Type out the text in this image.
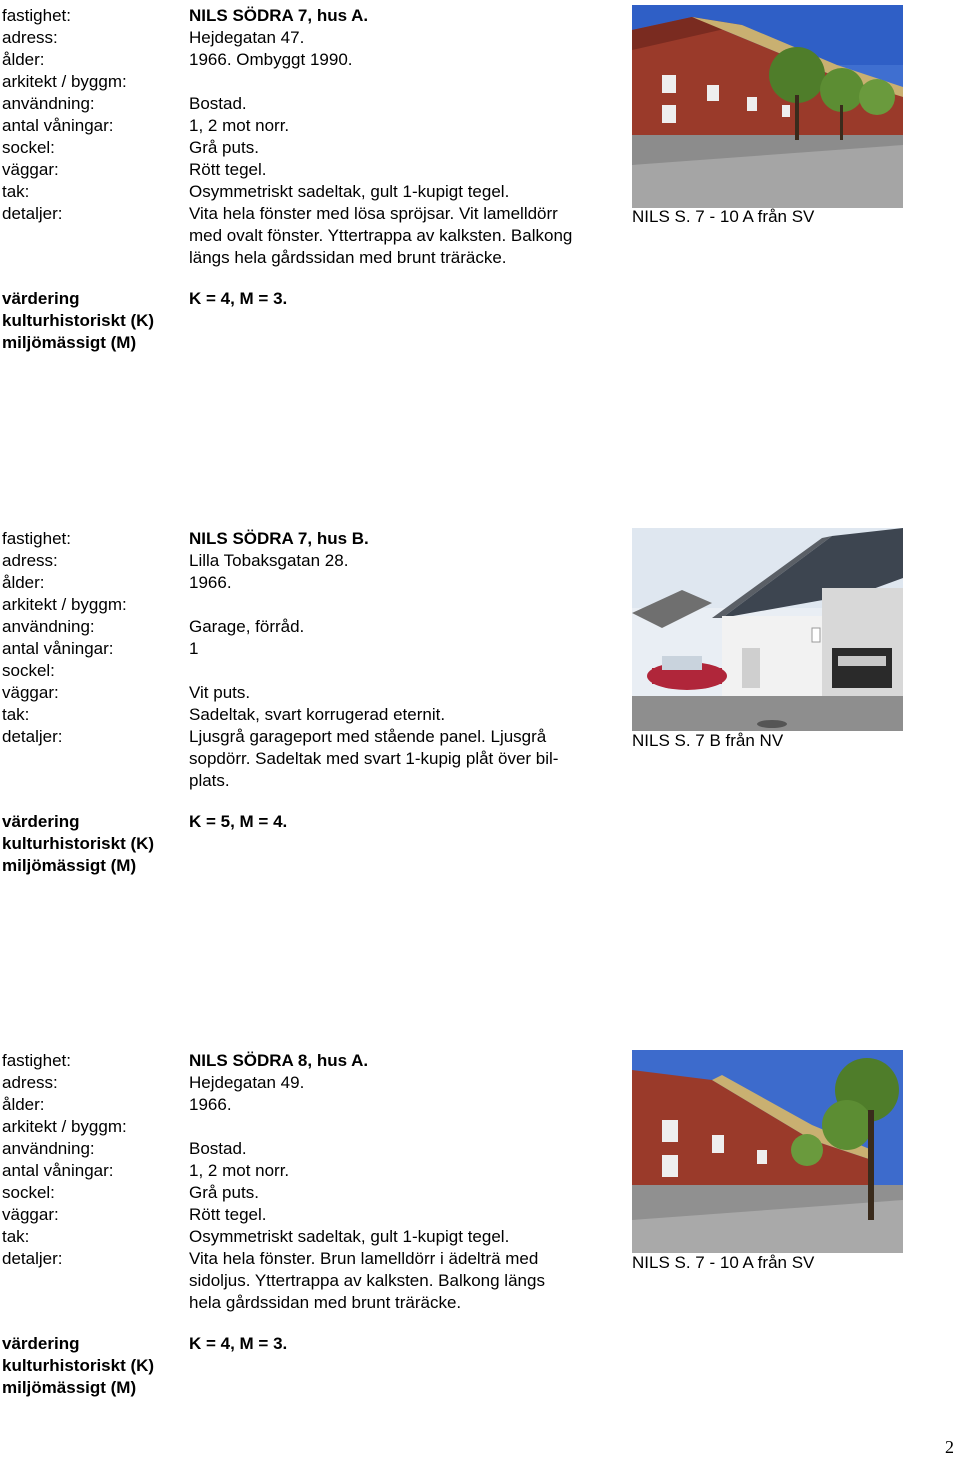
fastighet:	NILS SÖDRA 7, hus A.
adress:	Hejdegatan 47.
ålder:	1966. Ombyggt 1990.
arkitekt / byggm:
användning:	Bostad.
antal våningar:	1, 2 mot norr.
sockel:	Grå puts.
väggar:	Rött tegel.
tak:	Osymmetriskt sadeltak, gult 1-kupigt tegel.
detaljer:	Vita hela fönster med lösa spröjsar. Vit lamelldörr
med ovalt fönster. Yttertrappa av kalksten. Balkong
längs hela gårdssidan med brunt träräcke.
värdering
kulturhistoriskt (K)
miljömässigt (M)
K = 4, M = 3.
NILS S. 7 - 10 A från SV
fastighet:	NILS SÖDRA 7, hus B.
adress:	Lilla Tobaksgatan 28.
ålder:	1966.
arkitekt / byggm:
användning:	Garage, förråd.
antal våningar:	1
sockel:
väggar:	Vit puts.
tak:	Sadeltak, svart korrugerad eternit.
detaljer:	Ljusgrå garageport med stående panel. Ljusgrå
sopdörr. Sadeltak med svart 1-kupig plåt över bil-
plats.
värdering
kulturhistoriskt (K)
miljömässigt (M)
K = 5, M = 4.
NILS S. 7 B från NV
fastighet:	NILS SÖDRA 8, hus A.
adress:	Hejdegatan 49.
ålder:	1966.
arkitekt / byggm:
användning:	Bostad.
antal våningar:	1, 2 mot norr.
sockel:	Grå puts.
väggar:	Rött tegel.
tak:	Osymmetriskt sadeltak, gult 1-kupigt tegel.
detaljer:	Vita hela fönster. Brun lamelldörr i ädelträ med
sidoljus. Yttertrappa av kalksten. Balkong längs
hela gårdssidan med brunt träräcke.
värdering
kulturhistoriskt (K)
miljömässigt (M)
K = 4, M = 3.
NILS S. 7 - 10 A från SV
2
